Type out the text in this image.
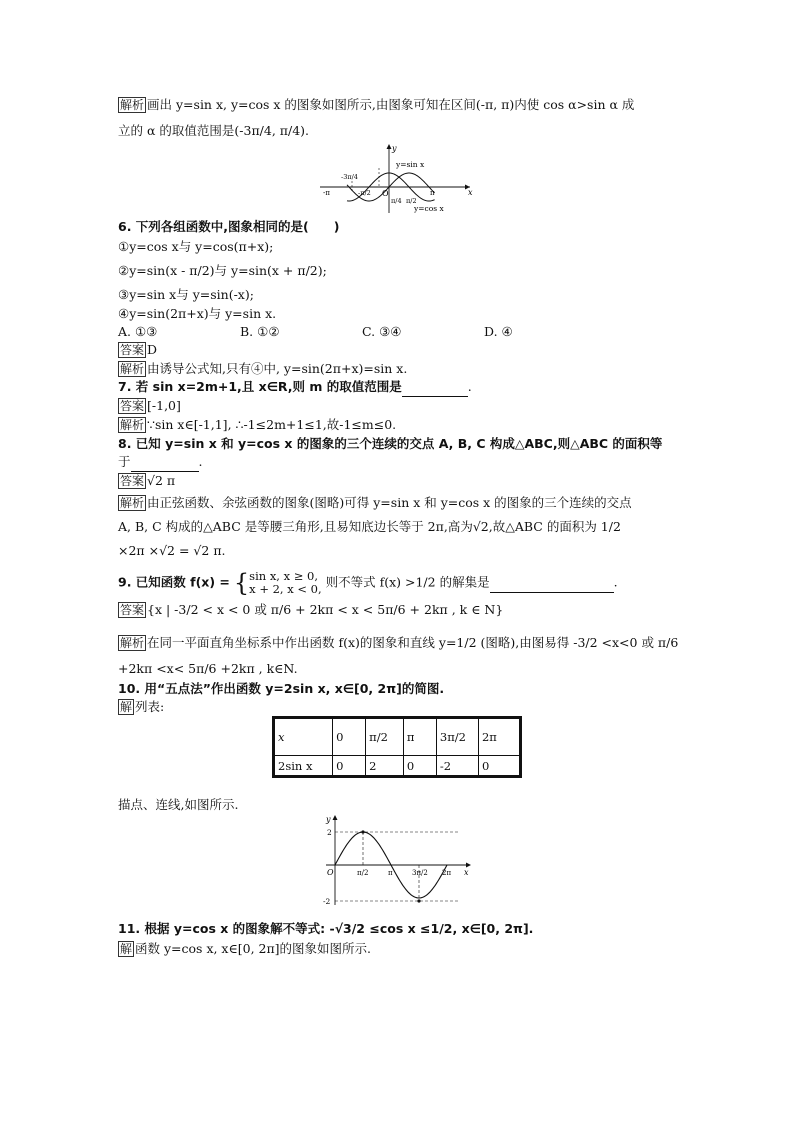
解析 画出 y=sin x, y=cos x 的图象如图所示,由图象可知在区间(-π, π)内使 cos α>sin α 成
立的 α 的取值范围是(-3π/4, π/4).
y
x
O
y=sin x
y=cos x
-π
-3π/4
-π/2
π/4 π/2
π
6. 下列各组函数中,图象相同的是(　　)
①y=cos x与 y=cos(π+x);
②y=sin(x - π/2)与 y=sin(x + π/2);
③y=sin x与 y=sin(-x);
④y=sin(2π+x)与 y=sin x.
A. ①③	B. ①②	C. ③④	D. ④
答案 D
解析 由诱导公式知,只有④中, y=sin(2π+x)=sin x.
7. 若 sin x=2m+1,且 x∈R,则 m 的取值范围是	.
答案 [-1,0]
解析 ∵sin x∈[-1,1], ∴-1≤2m+1≤1,故-1≤m≤0.
8. 已知 y=sin x 和 y=cos x 的图象的三个连续的交点 A, B, C 构成△ABC,则△ABC 的面积等
于	.
答案 √2 π
解析 由正弦函数、余弦函数的图象(图略)可得 y=sin x 和 y=cos x 的图象的三个连续的交点
A, B, C 构成的△ABC 是等腰三角形,且易知底边长等于 2π,高为√2,故△ABC 的面积为 1/2
×2π ×√2 = √2 π.
9. 已知函数 f(x) = {sin x, x ≥ 0,
x + 2, x < 0, 则不等式 f(x) >1/2 的解集是	.
答案 {x | -3/2 < x < 0 或 π/6 + 2kπ < x < 5π/6 + 2kπ , k ∈ N}
解析 在同一平面直角坐标系中作出函数 f(x)的图象和直线 y=1/2 (图略),由图易得 -3/2 <x<0 或 π/6
+2kπ <x< 5π/6 +2kπ , k∈N.
10. 用“五点法”作出函数 y=2sin x, x∈[0, 2π]的简图.
解 列表:
x	0	π/2	π	3π/2	2π
2sin x	0	2	0	-2	0
描点、连线,如图所示.
y
x
O
2
-2
π/2	π	3π/2 2π
11. 根据 y=cos x 的图象解不等式: -√3/2 ≤cos x ≤1/2, x∈[0, 2π].
解 函数 y=cos x, x∈[0, 2π]的图象如图所示.
